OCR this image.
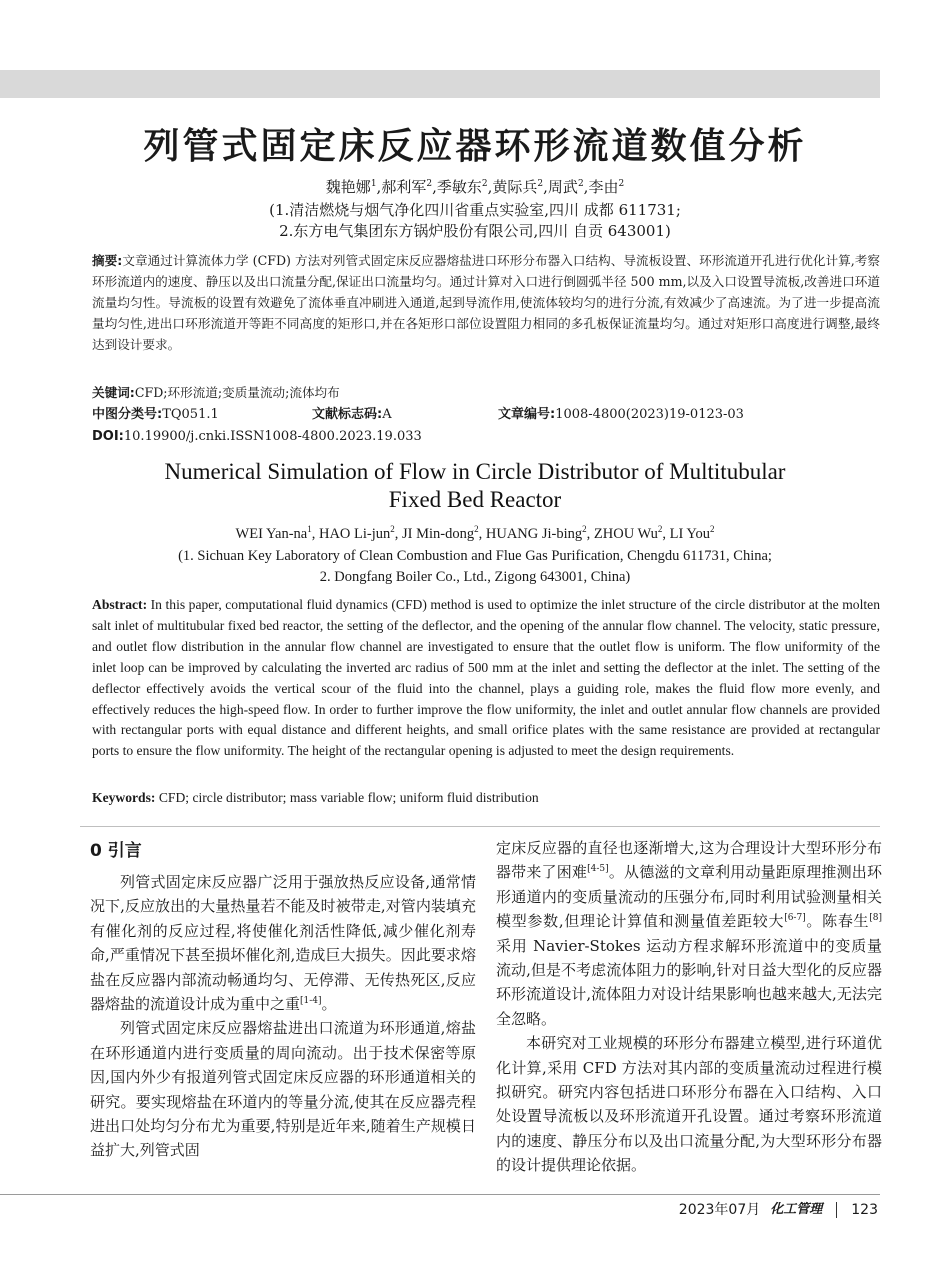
列管式固定床反应器环形流道数值分析
魏艳娜$^1$,郝利军$^2$,季敏东$^2$,黄际兵$^2$,周武$^2$,李由$^2$
(1.清洁燃烧与烟气净化四川省重点实验室,四川 成都 611731;
2.东方电气集团东方锅炉股份有限公司,四川 自贡 643001)
摘要:文章通过计算流体力学 (CFD) 方法对列管式固定床反应器熔盐进口环形分布器入口结构、导流板设置、环形流道开孔进行优化计算,考察环形流道内的速度、静压以及出口流量分配,保证出口流量均匀。通过计算对入口进行倒圆弧半径 500 mm,以及入口设置导流板,改善进口环道流量均匀性。导流板的设置有效避免了流体垂直冲刷进入通道,起到导流作用,使流体较均匀的进行分流,有效减少了高速流。为了进一步提高流量均匀性,进出口环形流道开等距不同高度的矩形口,并在各矩形口部位设置阻力相同的多孔板保证流量均匀。通过对矩形口高度进行调整,最终达到设计要求。
关键词:CFD;环形流道;变质量流动;流体均布
中图分类号:TQ051.1	文献标志码:A	文章编号:1008-4800(2023)19-0123-03
DOI:10.19900/j.cnki.ISSN1008-4800.2023.19.033
Numerical Simulation of Flow in Circle Distributor of Multitubular
Fixed Bed Reactor
WEI Yan-$na^1$, HAO Li-jun$^2$, JI Min-dong$^2$, HUANG Ji-bing$^2$, ZHOU Wu$^2$, LI You$^2$
(1. Sichuan Key Laboratory of Clean Combustion and Flue Gas Purification, Chengdu 611731, China;
2. Dongfang Boiler Co., Ltd., Zigong 643001, China)
Abstract: In this paper, computational fluid dynamics (CFD) method is used to optimize the inlet structure of the circle distributor at the molten salt inlet of multitubular fixed bed reactor, the setting of the deflector, and the opening of the annular flow channel. The velocity, static pressure, and outlet flow distribution in the annular flow channel are investigated to ensure that the outlet flow is uniform. The flow uniformity of the inlet loop can be improved by calculating the inverted arc radius of 500 mm at the inlet and setting the deflector at the inlet. The setting of the deflector effectively avoids the vertical scour of the fluid into the channel, plays a guiding role, makes the fluid flow more evenly, and effectively reduces the high-speed flow. In order to further improve the flow uniformity, the inlet and outlet annular flow channels are provided with rectangular ports with equal distance and different heights, and small orifice plates with the same resistance are provided at rectangular ports to ensure the flow uniformity. The height of the rectangular opening is adjusted to meet the design requirements.
Keywords: CFD; circle distributor; mass variable flow; uniform fluid distribution
0 引言

列管式固定床反应器广泛用于强放热反应设备,通常情况下,反应放出的大量热量若不能及时被带走,对管内装填充有催化剂的反应过程,将使催化剂活性降低,减少催化剂寿命,严重情况下甚至损坏催化剂,造成巨大损失。因此要求熔盐在反应器内部流动畅通均匀、无停滞、无传热死区,反应器熔盐的流道设计成为重中之重[1-4]。

列管式固定床反应器熔盐进出口流道为环形通道,熔盐在环形通道内进行变质量的周向流动。出于技术保密等原因,国内外少有报道列管式固定床反应器的环形通道相关的研究。要实现熔盐在环道内的等量分流,使其在反应器壳程进出口处均匀分布尤为重要,特别是近年来,随着生产规模日益扩大,列管式固

定床反应器的直径也逐渐增大,这为合理设计大型环形分布器带来了困难[4-5]。从德滋的文章利用动量距原理推测出环形通道内的变质量流动的压强分布,同时利用试验测量相关模型参数,但理论计算值和测量值差距较大[6-7]。陈春生[8] 采用 Navier-Stokes 运动方程求解环形流道中的变质量流动,但是不考虑流体阻力的影响,针对日益大型化的反应器环形流道设计,流体阻力对设计结果影响也越来越大,无法完全忽略。

本研究对工业规模的环形分布器建立模型,进行环道优化计算,采用 CFD 方法对其内部的变质量流动过程进行模拟研究。研究内容包括进口环形分布器在入口结构、入口处设置导流板以及环形流道开孔设置。通过考察环形流道内的速度、静压分布以及出口流量分配,为大型环形分布器的设计提供理论依据。

2023年07月 化工管理 123
